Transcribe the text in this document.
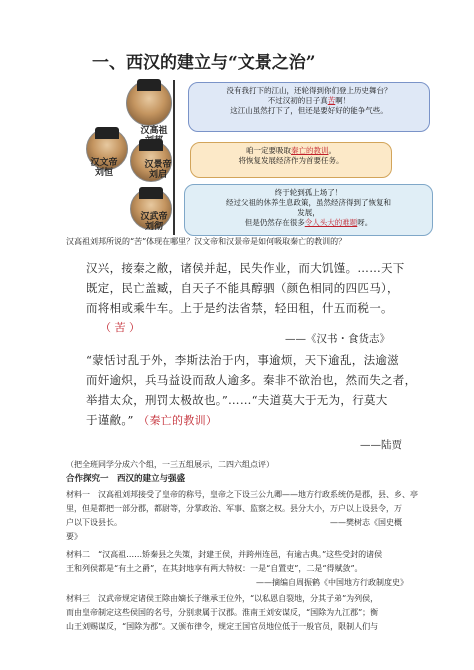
一、西汉的建立与“文景之治”
汉高祖
汉文帝
刘恒
汉景帝
刘启
汉武帝
刘彻
没有我打下的江山，还轮得到你们登上历史舞台？
不过汉初的日子真苦啊！
这江山虽然打下了，但还是要好好的能争气些。
咱一定要吸取秦亡的教训。
将恢复发展经济作为首要任务。
终于轮到孤上场了！
经过父祖的休养生息政策，虽然经济得到了恢复和
发展，
但是仍然存在很多令人头大的难题呀。
汉高祖刘邦所说的“苦”体现在哪里？汉文帝和汉景帝是如何吸取秦亡的教训的？
汉兴，接秦之敝，诸侯并起，民失作业，而大饥馑。……天下
既定，民亡盖臧，自天子不能具醇驷（颜色相同的四匹马），
而将相或乘牛车。上于是约法省禁，轻田租，什五而税一。
（ 苦 ）
——《汉书・食货志》
“蒙恬讨乱于外，李斯法治于内，事逾烦，天下逾乱，法逾滋
而奸逾炽，兵马益设而敌人逾多。秦非不欲治也，然而失之者，
举措太众，刑罚太极故也。”……“夫道莫大于无为，行莫大
于谨敝。” （秦亡的教训）
——陆贾
（把全班同学分成六个组，一三五组展示，二四六组点评）
合作探究一　西汉的建立与强盛
材料一　汉高祖刘邦接受了皇帝的称号，皇帝之下设三公九卿——地方行政系统仍是郡，县、乡、亭
里，但是都把一部分郡，都尉等，分掌政治、军事、监察之权。县分大小，万户以上设县令，万
户以下设县长。	——樊树志《国史概
要》
材料二　“汉高祖……矫秦县之失策，封建王侯，并跨州连邑，有逾古典。”这些受封的诸侯
王和列侯都是“有土之爵”，在其封地享有两大特权：一是“自置吏”，二是“得赋敛”。
——摘编自周振鹤《中国地方行政制度史》
材料三　汉武帝规定诸侯王除由嫡长子继承王位外，“以私恩自裂地，分其子弟”为列侯，
而由皇帝制定这些侯国的名号，分别隶属于汉郡。淮南王刘安谋反，“国除为九江郡”；衡
山王刘赐谋反，“国除为郡”。又颁布律令，规定王国官员地位低于一般官员，限制人们与
